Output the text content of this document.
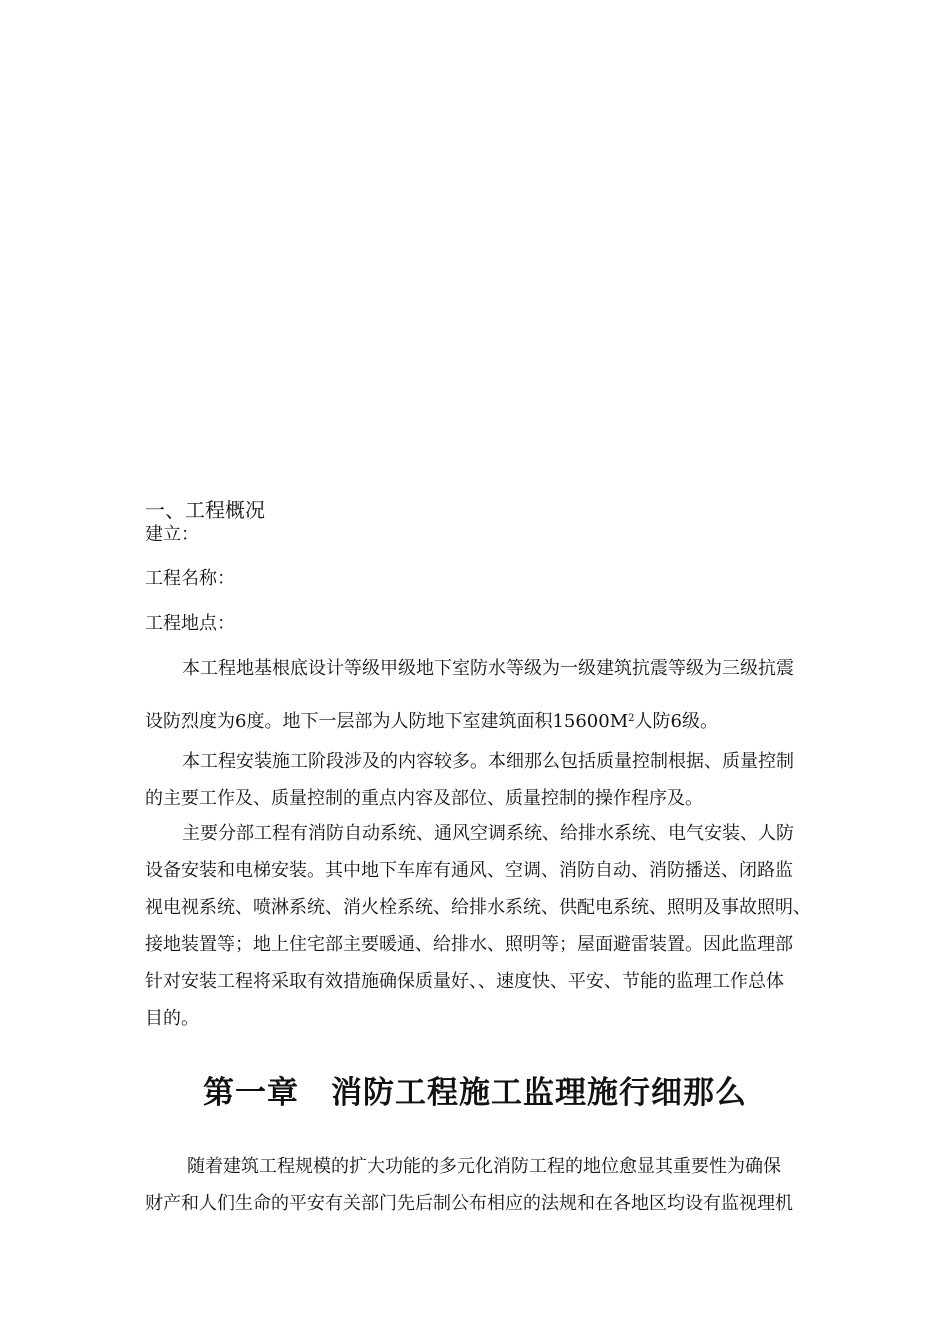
一、工程概况
建立：
工程名称：
工程地点：
本工程地基根底设计等级甲级地下室防水等级为一级建筑抗震等级为三级抗震
设防烈度为6度。地下一层部为人防地下室建筑面积$15600M^2$人防6级。
本工程安装施工阶段涉及的内容较多。本细那么包括质量控制根据、质量控制
的主要工作及、质量控制的重点内容及部位、质量控制的操作程序及。
主要分部工程有消防自动系统、通风空调系统、给排水系统、电气安装、人防
设备安装和电梯安装。其中地下车库有通风、空调、消防自动、消防播送、闭路监
视电视系统、喷淋系统、消火栓系统、给排水系统、供配电系统、照明及事故照明、
接地装置等；地上住宅部主要暖通、给排水、照明等；屋面避雷装置。因此监理部
针对安装工程将采取有效措施确保质量好、、速度快、平安、节能的监理工作总体
目的。
第一章 消防工程施工监理施行细那么
随着建筑工程规模的扩大功能的多元化消防工程的地位愈显其重要性为确保
财产和人们生命的平安有关部门先后制公布相应的法规和在各地区均设有监视理机
